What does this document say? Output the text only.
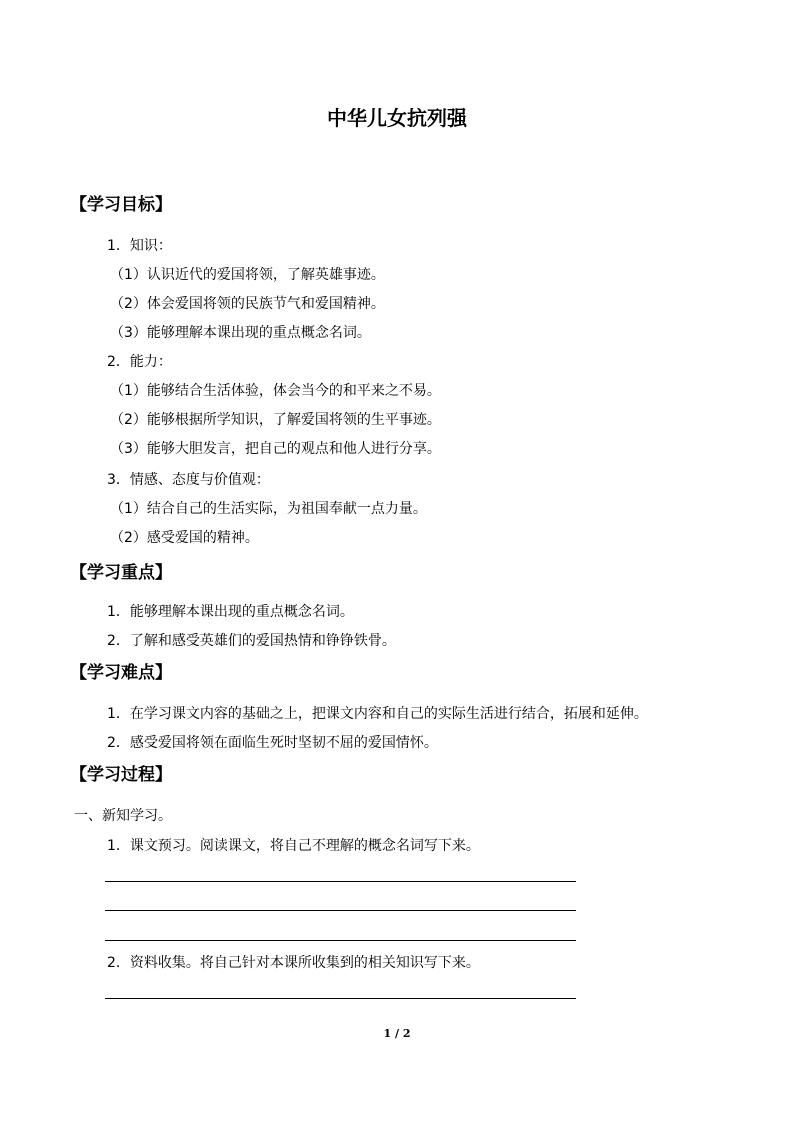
中华儿女抗列强
【学习目标】
1．知识：
（1）认识近代的爱国将领，了解英雄事迹。
（2）体会爱国将领的民族节气和爱国精神。
（3）能够理解本课出现的重点概念名词。
2．能力：
（1）能够结合生活体验，体会当今的和平来之不易。
（2）能够根据所学知识，了解爱国将领的生平事迹。
（3）能够大胆发言，把自己的观点和他人进行分享。
3．情感、态度与价值观：
（1）结合自己的生活实际，为祖国奉献一点力量。
（2）感受爱国的精神。
【学习重点】
1．能够理解本课出现的重点概念名词。
2．了解和感受英雄们的爱国热情和铮铮铁骨。
【学习难点】
1．在学习课文内容的基础之上，把课文内容和自己的实际生活进行结合，拓展和延伸。
2．感受爱国将领在面临生死时坚韧不屈的爱国情怀。
【学习过程】
一、新知学习。
1．课文预习。阅读课文，将自己不理解的概念名词写下来。
2．资料收集。将自己针对本课所收集到的相关知识写下来。
1 / 2
